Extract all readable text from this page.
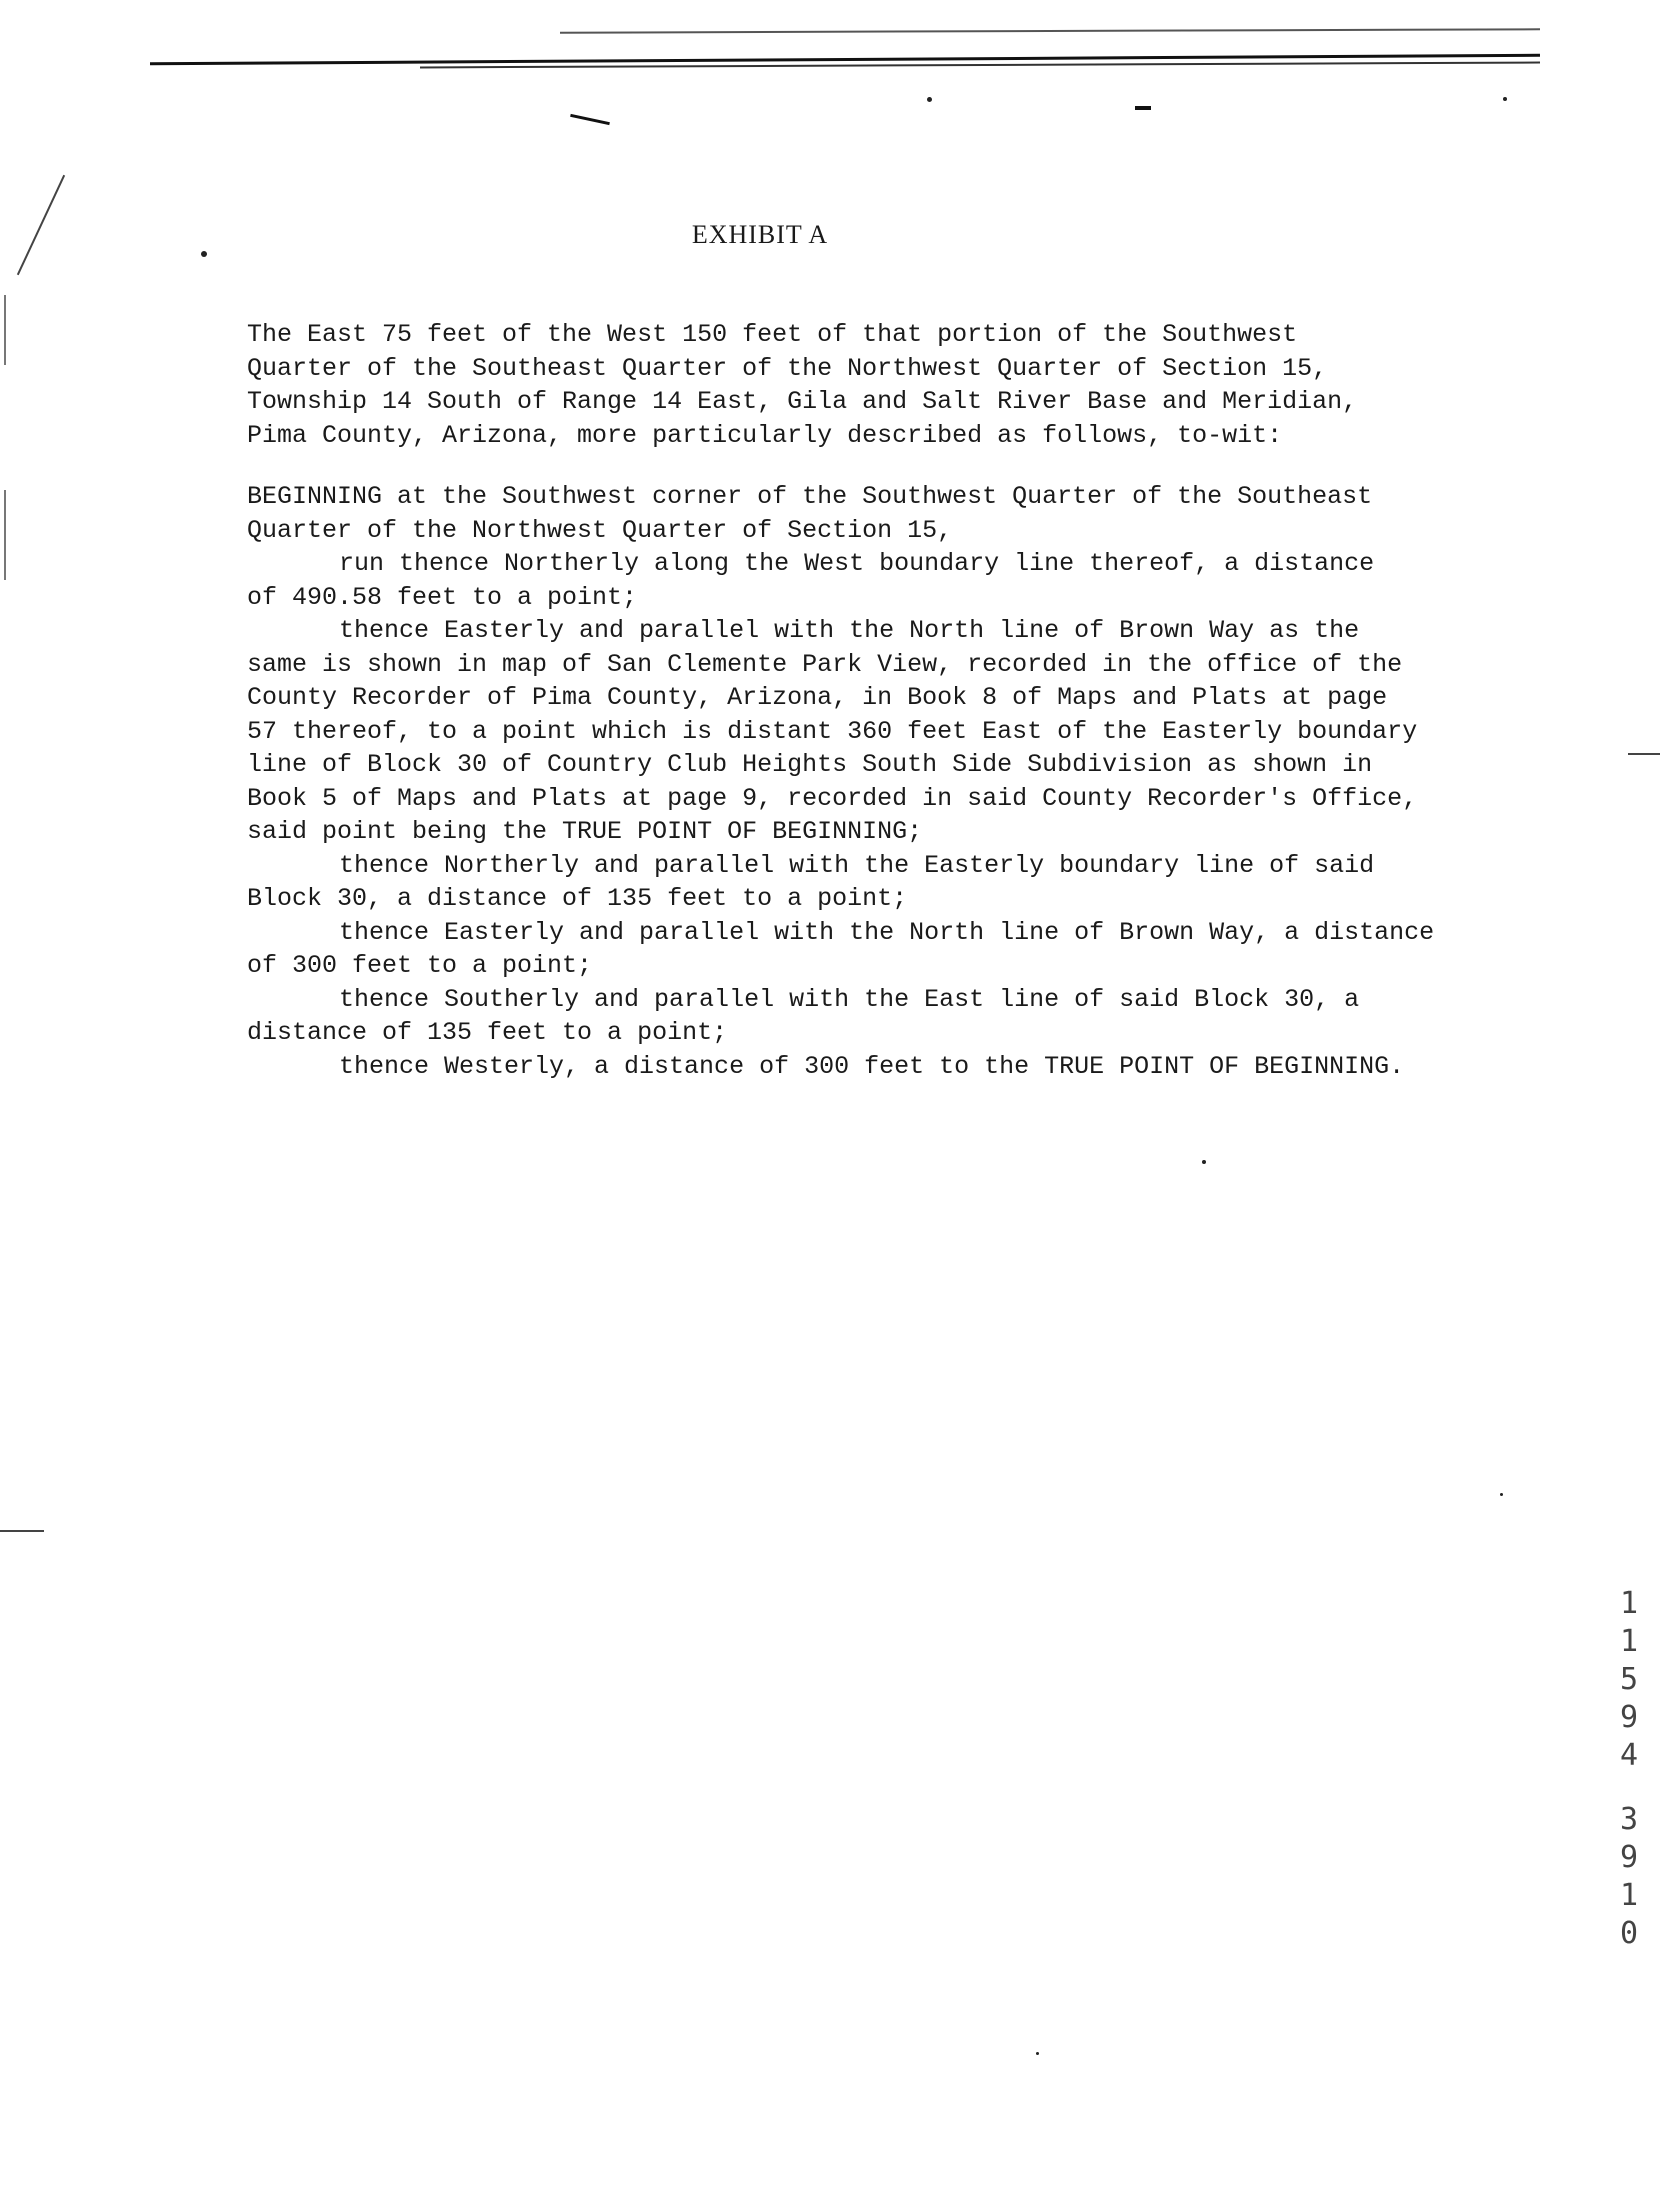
EXHIBIT A
The East 75 feet of the West 150 feet of that portion of the Southwest
Quarter of the Southeast Quarter of the Northwest Quarter of Section 15,
Township 14 South of Range 14 East, Gila and Salt River Base and Meridian,
Pima County, Arizona, more particularly described as follows, to-wit:
BEGINNING at the Southwest corner of the Southwest Quarter of the Southeast
Quarter of the Northwest Quarter of Section 15,
run thence Northerly along the West boundary line thereof, a distance
of 490.58 feet to a point;
thence Easterly and parallel with the North line of Brown Way as the
same is shown in map of San Clemente Park View, recorded in the office of the
County Recorder of Pima County, Arizona, in Book 8 of Maps and Plats at page
57 thereof, to a point which is distant 360 feet East of the Easterly boundary
line of Block 30 of Country Club Heights South Side Subdivision as shown in
Book 5 of Maps and Plats at page 9, recorded in said County Recorder's Office,
said point being the TRUE POINT OF BEGINNING;
thence Northerly and parallel with the Easterly boundary line of said
Block 30, a distance of 135 feet to a point;
thence Easterly and parallel with the North line of Brown Way, a distance
of 300 feet to a point;
thence Southerly and parallel with the East line of said Block 30, a
distance of 135 feet to a point;
thence Westerly, a distance of 300 feet to the TRUE POINT OF BEGINNING.
1
1
5
9
4
3
9
1
0
